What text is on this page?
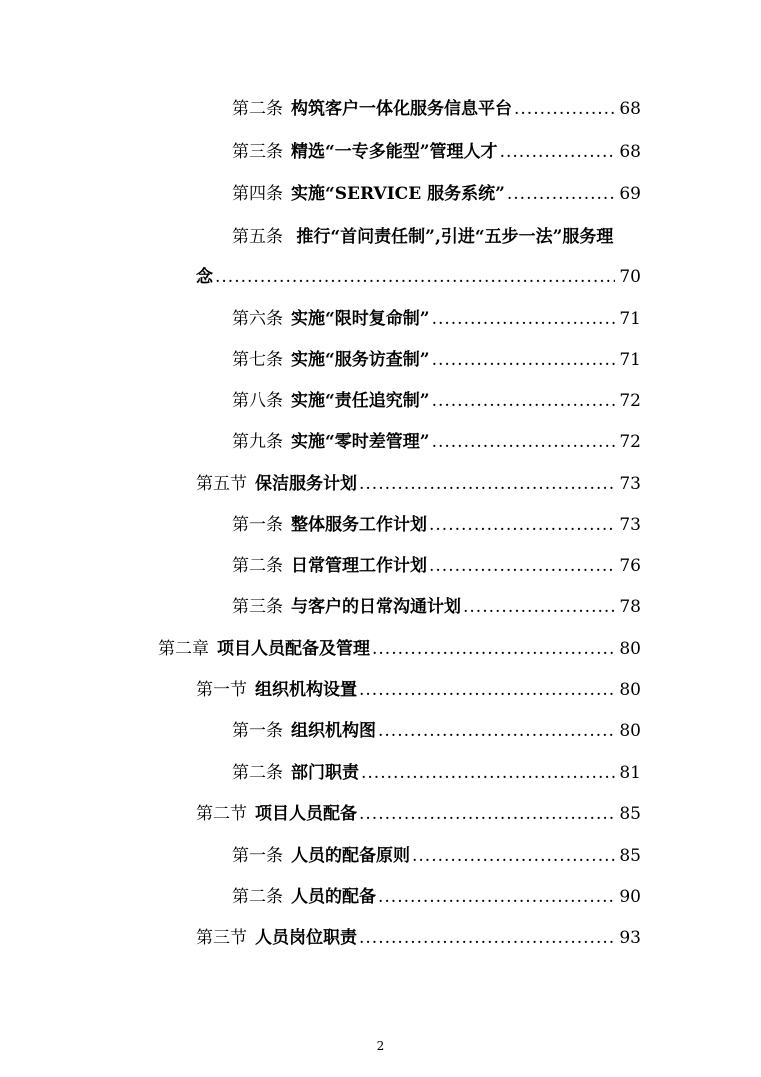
第二条 构筑客户一体化服务信息平台 .....	68
第三条 精选“一专多能型”管理人才 .....	68
第四条 实施“SERVICE 服务系统” .....	69
第五条 推行“首问责任制”,引进“五步一法”服务理
念 .....	70
第六条 实施“限时复命制” .....	71
第七条 实施“服务访查制” .....	71
第八条 实施“责任追究制” .....	72
第九条 实施“零时差管理” .....	72
第五节 保洁服务计划 .....	73
第一条 整体服务工作计划 .....	73
第二条 日常管理工作计划 .....	76
第三条 与客户的日常沟通计划 .....	78
第二章 项目人员配备及管理 .....	80
第一节 组织机构设置 .....	80
第一条 组织机构图 .....	80
第二条 部门职责 .....	81
第二节 项目人员配备 .....	85
第一条 人员的配备原则 .....	85
第二条 人员的配备 .....	90
第三节 人员岗位职责 .....	93
2
